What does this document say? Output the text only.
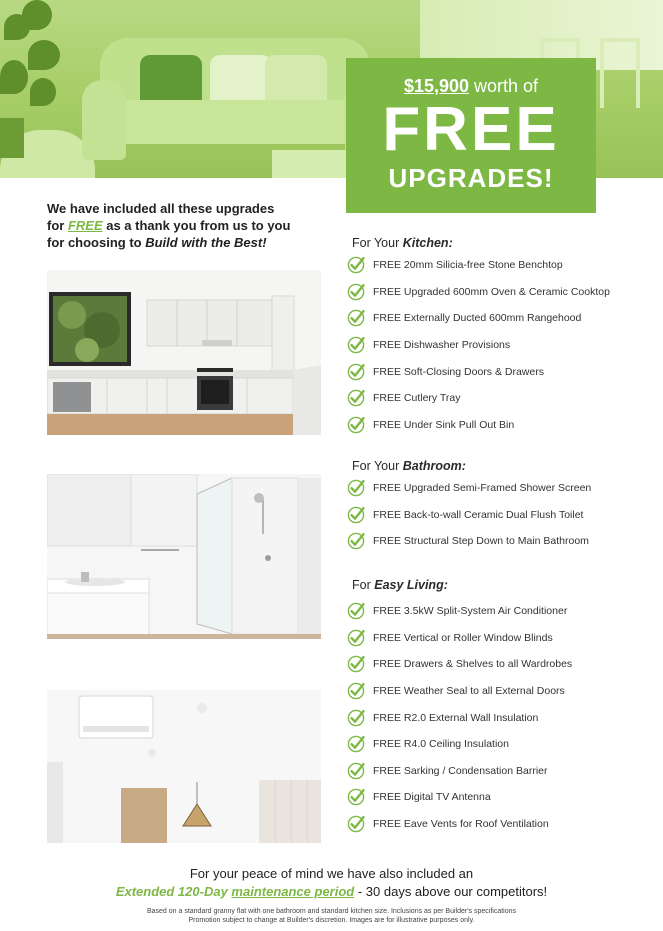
$15,900 worth of
FREE
UPGRADES!
We have included all these upgrades
for FREE as a thank you from us to you
for choosing to Build with the Best!	For Your Kitchen:
FREE 20mm Silicia-free Stone Benchtop
FREE Upgraded 600mm Oven & Ceramic Cooktop
FREE Externally Ducted 600mm Rangehood
FREE Dishwasher Provisions
FREE Soft-Closing Doors & Drawers
FREE Cutlery Tray
FREE Under Sink Pull Out Bin
For Your Bathroom:
FREE Upgraded Semi-Framed Shower Screen
FREE Back-to-wall Ceramic Dual Flush Toilet
FREE Structural Step Down to Main Bathroom
For Easy Living:
FREE 3.5kW Split-System Air Conditioner
FREE Vertical or Roller Window Blinds
FREE Drawers & Shelves to all Wardrobes
FREE Weather Seal to all External Doors
FREE R2.0 External Wall Insulation
FREE R4.0 Ceiling Insulation
FREE Sarking / Condensation Barrier
FREE Digital TV Antenna
FREE Eave Vents for Roof Ventilation
For your peace of mind we have also included an
Extended 120-Day maintenance period - 30 days above our competitors!
Based on a standard granny flat with one bathroom and standard kitchen size. Inclusions as per Builder's specifications
Promotion subject to change at Builder's discretion. Images are for illustrative purposes only.
